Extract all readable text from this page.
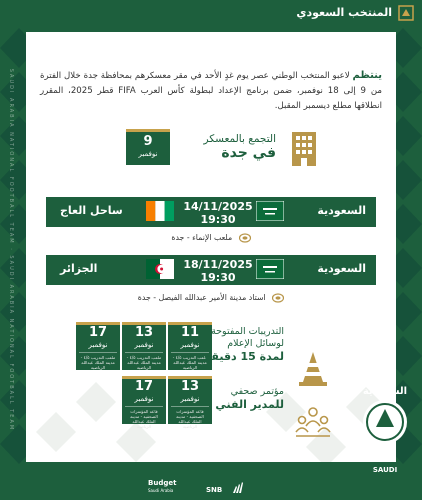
SAUDI ARABIA NATIONAL FOOTBALL TEAM · SAUDI ARABIA NATIONAL FOOTBALL TEAM
المنتخب السعودي

ينتظم لاعبو المنتخب الوطني عصر يوم غدٍ الأحد في مقر معسكرهم بمحافظة جدة خلال الفترة من 9 إلى 18 نوفمبر، ضمن برنامج الإعداد لبطولة كأس العرب FIFA قطر 2025، المقرر انطلاقها مطلع ديسمبر المقبل.

9
نوفمبر
التجمع بالمعسكر
في جدة
السعودية
14/11/2025
19:30
ساحل العاج
ملعب الإنماء - جدة
السعودية
18/11/2025
19:30
الجزائر
استاد مدينة الأمير عبدالله الفيصل - جدة
17
نوفمبر
ملعب التدريب ٤/٥ - مدينة الملك عبدالله الرياضية
13
نوفمبر
ملعب التدريب ٤/٥ - مدينة الملك عبدالله الرياضية
11
نوفمبر
ملعب التدريب ٤/٥ - مدينة الملك عبدالله الرياضية
التدريبات المفتوحة
لوسائل الإعلام
لمدة 15 دقيقة
17
نوفمبر
قاعة المؤتمرات الصحفية - مدينة الملك عبدالله الرياضية
13
نوفمبر
قاعة المؤتمرات الصحفية - مدينة الملك عبدالله الرياضية
مؤتمر صحفي
للمدير الفني
السعودية
SAUDI
Budget
Saudi Arabia	SNB
